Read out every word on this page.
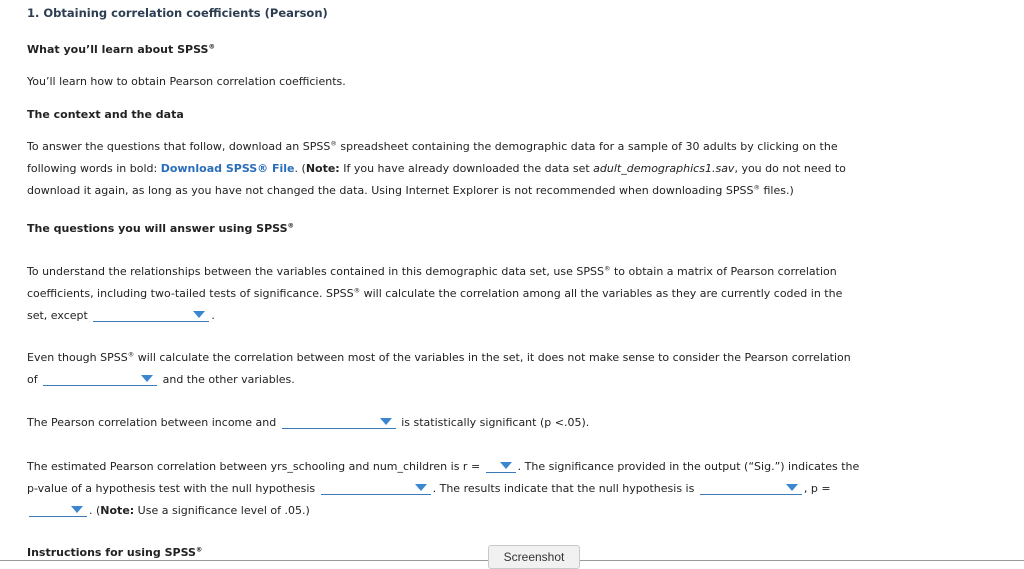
1. Obtaining correlation coefficients (Pearson)
What you’ll learn about SPSS®
You’ll learn how to obtain Pearson correlation coefficients.
The context and the data
To answer the questions that follow, download an SPSS® spreadsheet containing the demographic data for a sample of 30 adults by clicking on the following words in bold: Download SPSS® File. (Note: If you have already downloaded the data set adult_demographics1.sav, you do not need to download it again, as long as you have not changed the data. Using Internet Explorer is not recommended when downloading SPSS® files.)
The questions you will answer using SPSS®
To understand the relationships between the variables contained in this demographic data set, use SPSS® to obtain a matrix of Pearson correlation coefficients, including two-tailed tests of significance. SPSS® will calculate the correlation among all the variables as they are currently coded in the set, except	.
Even though SPSS® will calculate the correlation between most of the variables in the set, it does not make sense to consider the Pearson correlation of	and the other variables.
The Pearson correlation between income and	is statistically significant (p <.05).
The estimated Pearson correlation between yrs_schooling and num_children is r =	. The significance provided in the output (“Sig.”) indicates the p-value of a hypothesis test with the null hypothesis	. The results indicate that the null hypothesis is	, p =
. (Note: Use a significance level of .05.)
Instructions for using SPSS®
Screenshot
